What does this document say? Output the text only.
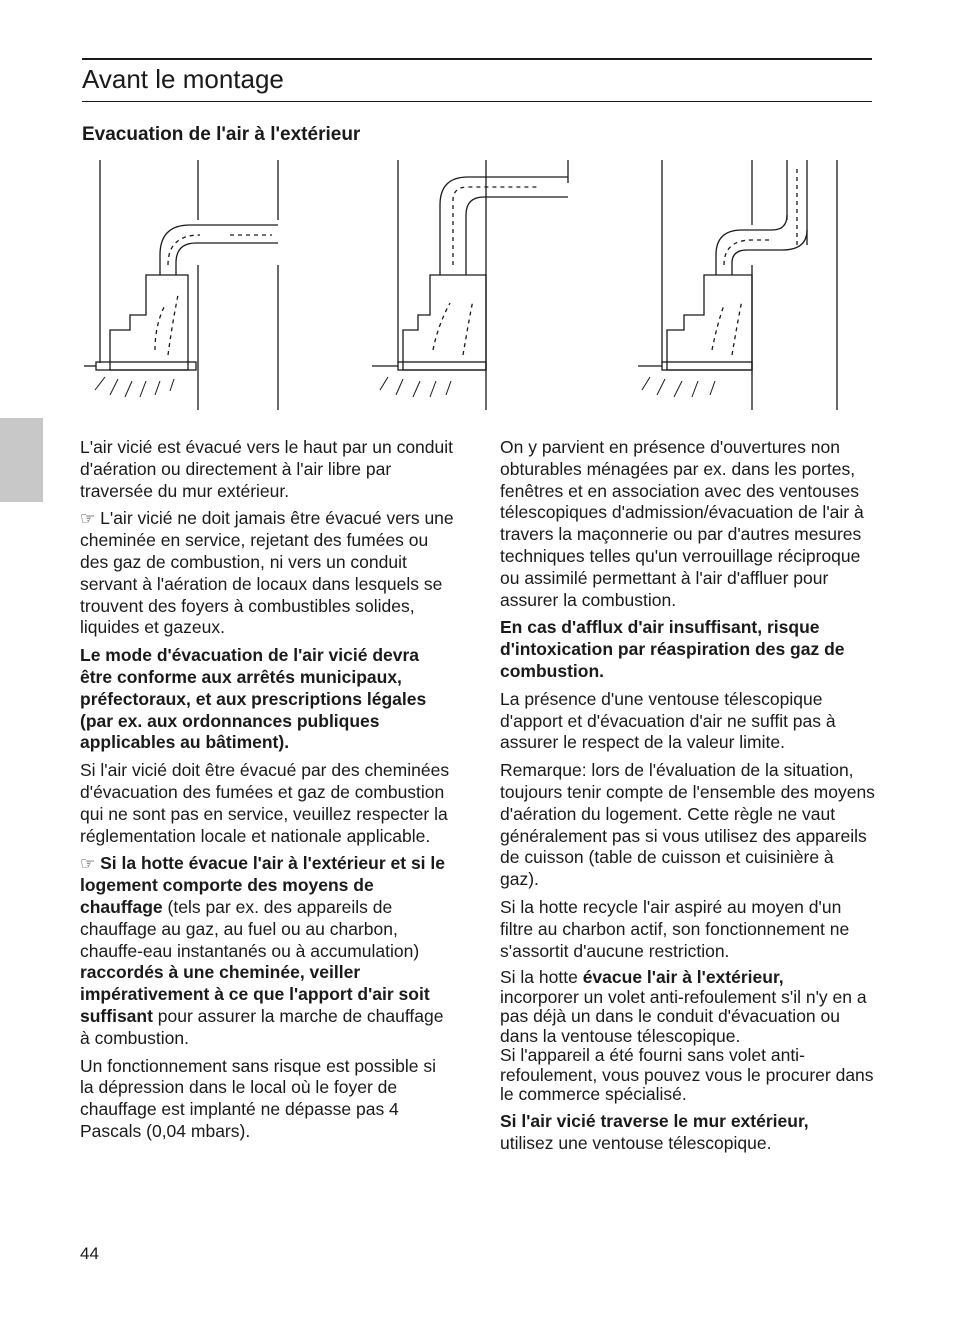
Avant le montage
Evacuation de l'air à l'extérieur

L'air vicié est évacué vers le haut par un conduit d'aération ou directement à l'air libre par traversée du mur extérieur.

☞ L'air vicié ne doit jamais être évacué vers une cheminée en service, rejetant des fumées ou des gaz de combustion, ni vers un conduit servant à l'aération de locaux dans lesquels se trouvent des foyers à combustibles solides, liquides et gazeux.

Le mode d'évacuation de l'air vicié devra être conforme aux arrêtés municipaux, préfectoraux, et aux prescriptions légales (par ex. aux ordonnances publiques applicables au bâtiment).

Si l'air vicié doit être évacué par des cheminées d'évacuation des fumées et gaz de combustion qui ne sont pas en service, veuillez respecter la réglementation locale et nationale applicable.

☞ Si la hotte évacue l'air à l'extérieur et si le logement comporte des moyens de chauffage (tels par ex. des appareils de chauffage au gaz, au fuel ou au charbon, chauffe-eau instantanés ou à accumulation) raccordés à une cheminée, veiller impérativement à ce que l'apport d'air soit suffisant pour assurer la marche de chauffage à combustion.

Un fonctionnement sans risque est possible si la dépression dans le local où le foyer de chauffage est implanté ne dépasse pas 4 Pascals (0,04 mbars).

On y parvient en présence d'ouvertures non obturables ménagées par ex. dans les portes, fenêtres et en association avec des ventouses télescopiques d'admission/évacuation de l'air à travers la maçonnerie ou par d'autres mesures techniques telles qu'un verrouillage réciproque ou assimilé permettant à l'air d'affluer pour assurer la combustion.

En cas d'afflux d'air insuffisant, risque d'intoxication par réaspiration des gaz de combustion.

La présence d'une ventouse télescopique d'apport et d'évacuation d'air ne suffit pas à assurer le respect de la valeur limite.

Remarque: lors de l'évaluation de la situation, toujours tenir compte de l'ensemble des moyens d'aération du logement. Cette règle ne vaut généralement pas si vous utilisez des appareils de cuisson (table de cuisson et cuisinière à gaz).

Si la hotte recycle l'air aspiré au moyen d'un filtre au charbon actif, son fonctionnement ne s'assortit d'aucune restriction.

Si la hotte évacue l'air à l'extérieur,
incorporer un volet anti-refoulement s'il n'y en a pas déjà un dans le conduit d'évacuation ou dans la ventouse télescopique.
Si l'appareil a été fourni sans volet anti-refoulement, vous pouvez vous le procurer dans le commerce spécialisé.

Si l'air vicié traverse le mur extérieur,
utilisez une ventouse télescopique.

44
